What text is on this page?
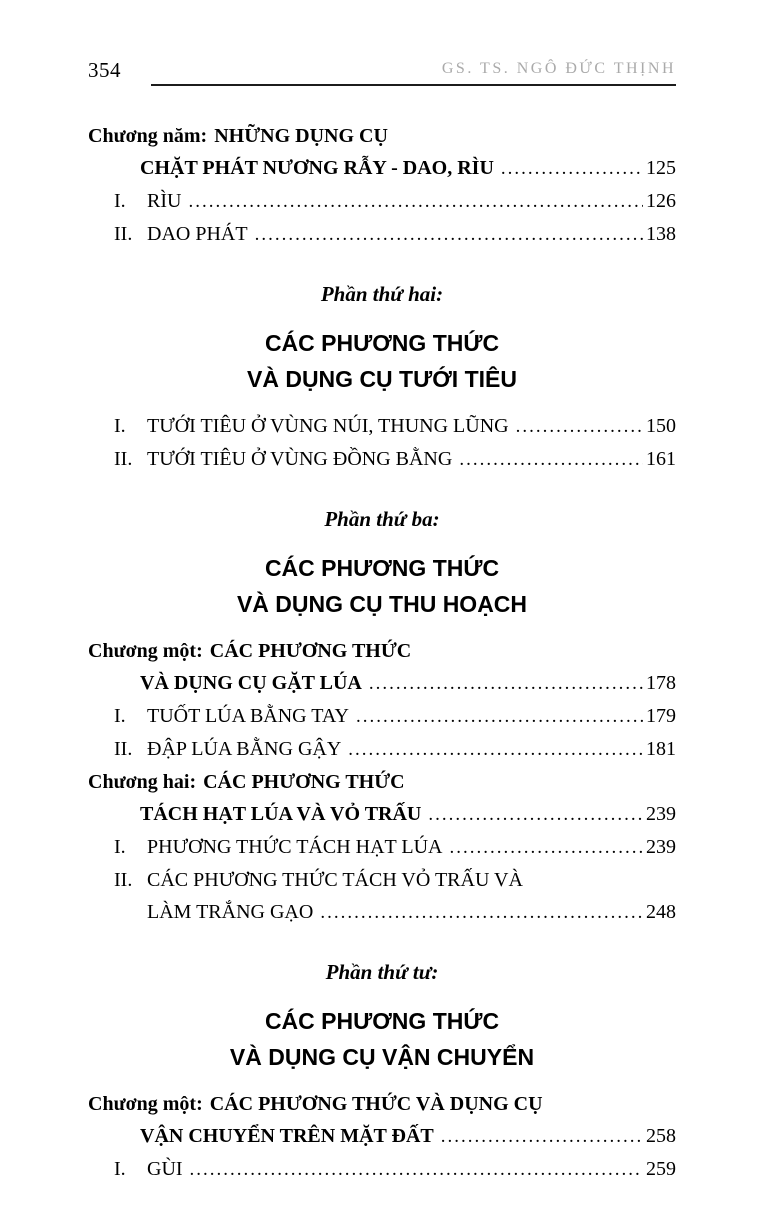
354	GS. TS. NGÔ ĐỨC THỊNH
Chương năm: NHỮNG DỤNG CỤ
CHẶT PHÁT NƯƠNG RẪY - DAO, RÌU .....	125
I.	RÌU .....	126
II. DAO PHÁT .....	138
Phần thứ hai:
CÁC PHƯƠNG THỨC
VÀ DỤNG CỤ TƯỚI TIÊU
I.	TƯỚI TIÊU Ở VÙNG NÚI, THUNG LŨNG .....	150
II. TƯỚI TIÊU Ở VÙNG ĐỒNG BẰNG .....	161
Phần thứ ba:
CÁC PHƯƠNG THỨC
VÀ DỤNG CỤ THU HOẠCH
Chương một: CÁC PHƯƠNG THỨC
VÀ DỤNG CỤ GẶT LÚA .....	178
I.	TUỐT LÚA BẰNG TAY .....	179
II. ĐẬP LÚA BẰNG GẬY .....	181
Chương hai: CÁC PHƯƠNG THỨC
TÁCH HẠT LÚA VÀ VỎ TRẤU .....	239
I.	PHƯƠNG THỨC TÁCH HẠT LÚA .....	239
II. CÁC PHƯƠNG THỨC TÁCH VỎ TRẤU VÀ
LÀM TRẮNG GẠO .....	248
Phần thứ tư:
CÁC PHƯƠNG THỨC
VÀ DỤNG CỤ VẬN CHUYỂN
Chương một: CÁC PHƯƠNG THỨC VÀ DỤNG CỤ
VẬN CHUYỂN TRÊN MẶT ĐẤT .....	258
I.	GÙI .....	259
